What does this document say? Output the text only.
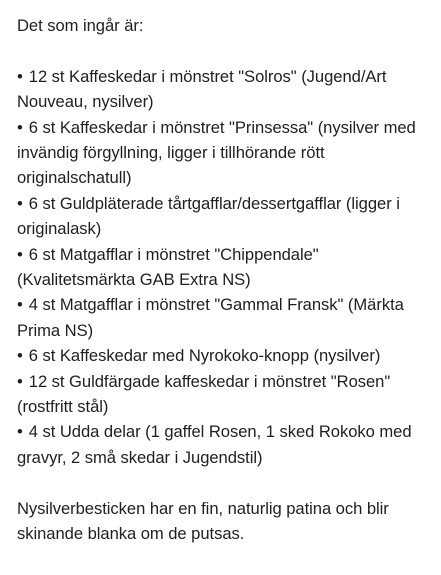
Det som ingår är:

• 12 st Kaffeskedar i mönstret "Solros" (Jugend/Art Nouveau, nysilver)
• 6 st Kaffeskedar i mönstret "Prinsessa" (nysilver med invändig förgyllning, ligger i tillhörande rött originalschatull)
• 6 st Guldpläterade tårtgafflar/dessertgafflar (ligger i originalask)
• 6 st Matgafflar i mönstret "Chippendale" (Kvalitetsmärkta GAB Extra NS)
• 4 st Matgafflar i mönstret "Gammal Fransk" (Märkta Prima NS)
• 6 st Kaffeskedar med Nyrokoko-knopp (nysilver)
• 12 st Guldfärgade kaffeskedar i mönstret "Rosen" (rostfritt stål)
• 4 st Udda delar (1 gaffel Rosen, 1 sked Rokoko med gravyr, 2 små skedar i Jugendstil)

Nysilverbesticken har en fin, naturlig patina och blir skinande blanka om de putsas.
